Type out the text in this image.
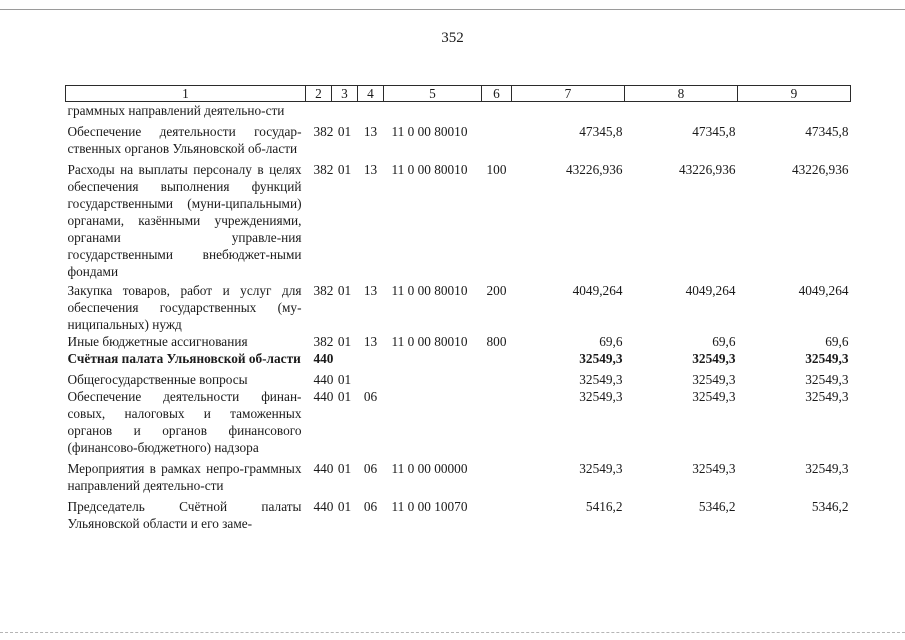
352
1	2	3	4	5	6	7	8	9
граммных направлений деятельно-сти								
Обеспечение деятельности государ-ственных органов Ульяновской об-ласти	382	01	13	11 0 00 80010		47345,8	47345,8	47345,8
Расходы на выплаты персоналу в целях обеспечения выполнения функций государственными (муни-ципальными) органами, казёнными учреждениями, органами управле-ния государственными внебюджет-ными фондами	382	01	13	11 0 00 80010	100	43226,936	43226,936	43226,936
Закупка товаров, работ и услуг для обеспечения государственных (му-ниципальных) нужд	382	01	13	11 0 00 80010	200	4049,264	4049,264	4049,264
Иные бюджетные ассигнования	382	01	13	11 0 00 80010	800	69,6	69,6	69,6
Счётная палата Ульяновской об-ласти	440					32549,3	32549,3	32549,3
Общегосударственные вопросы	440	01				32549,3	32549,3	32549,3
Обеспечение деятельности финан-совых, налоговых и таможенных органов и органов финансового (финансово-бюджетного) надзора	440	01	06			32549,3	32549,3	32549,3
Мероприятия в рамках непро-граммных направлений деятельно-сти	440	01	06	11 0 00 00000		32549,3	32549,3	32549,3
Председатель Счётной палаты Ульяновской области и его заме-	440	01	06	11 0 00 10070		5416,2	5346,2	5346,2
